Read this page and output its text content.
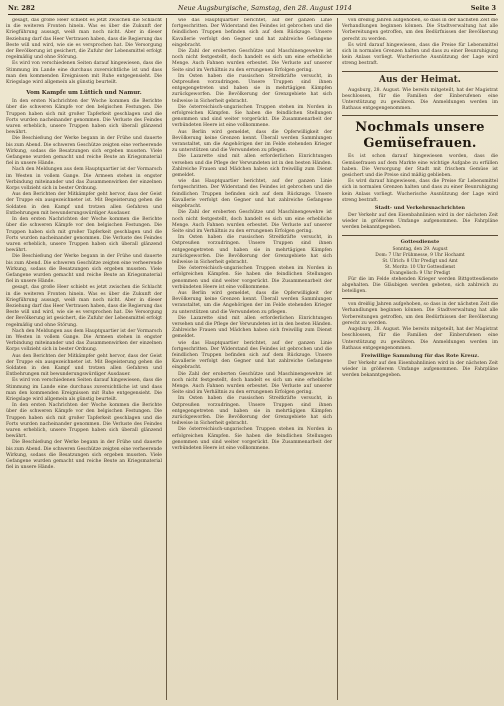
Nr. 282	Neue Augsburgische, Samstag, den 28. August 1914	Seite 3

gesagt, das große Heer schiebt es jetzt zwischen die Schlacht in die weiteren Fronten hinein. Was es über die Zukunft der Kriegführung aussagt, weiß man noch nicht. Aber in dieser Beziehung darf das Heer Vertrauen haben, dass die Regierung das Beste will und wird, wie sie es versprochen hat. Die Versorgung der Bevölkerung ist gesichert, die Zufuhr der Lebensmittel erfolgt regelmäßig und ohne Störung.

Es wird von verschiedenen Seiten darauf hingewiesen, dass die Stimmung im Lande eine durchaus zuversichtliche ist und dass man den kommenden Ereignissen mit Ruhe entgegensieht. Die Kriegslage wird allgemein als günstig beurteilt.

Vom Kampfe um Lüttich und Namur.

In den ersten Nachrichten der Woche kommen die Berichte über die schweren Kämpfe vor den belgischen Festungen. Die Truppen haben sich mit großer Tapferkeit geschlagen und die Forts wurden nacheinander genommen. Die Verluste des Feindes waren erheblich, unsere Truppen haben sich überall glänzend bewährt.

Die Beschießung der Werke begann in der Frühe und dauerte bis zum Abend. Die schweren Geschütze zeigten eine verheerende Wirkung, sodass die Besatzungen sich ergeben mussten. Viele Gefangene wurden gemacht und reiche Beute an Kriegsmaterial fiel in unsere Hände.

Nach den Meldungen aus dem Hauptquartier ist der Vormarsch im Westen in vollem Gange. Die Armeen stehen in engster Verbindung miteinander und das Zusammenwirken der einzelnen Korps vollzieht sich in bester Ordnung.

Aus den Berichten der Mitkämpfer geht hervor, dass der Geist der Truppe ein ausgezeichneter ist. Mit Begeisterung gehen die Soldaten in den Kampf und trotzen allen Gefahren und Entbehrungen mit bewunderungswürdiger Ausdauer.

In den ersten Nachrichten der Woche kommen die Berichte über die schweren Kämpfe vor den belgischen Festungen. Die Truppen haben sich mit großer Tapferkeit geschlagen und die Forts wurden nacheinander genommen. Die Verluste des Feindes waren erheblich, unsere Truppen haben sich überall glänzend bewährt.

Die Beschießung der Werke begann in der Frühe und dauerte bis zum Abend. Die schweren Geschütze zeigten eine verheerende Wirkung, sodass die Besatzungen sich ergeben mussten. Viele Gefangene wurden gemacht und reiche Beute an Kriegsmaterial fiel in unsere Hände.

gesagt, das große Heer schiebt es jetzt zwischen die Schlacht in die weiteren Fronten hinein. Was es über die Zukunft der Kriegführung aussagt, weiß man noch nicht. Aber in dieser Beziehung darf das Heer Vertrauen haben, dass die Regierung das Beste will und wird, wie sie es versprochen hat. Die Versorgung der Bevölkerung ist gesichert, die Zufuhr der Lebensmittel erfolgt regelmäßig und ohne Störung.

Nach den Meldungen aus dem Hauptquartier ist der Vormarsch im Westen in vollem Gange. Die Armeen stehen in engster Verbindung miteinander und das Zusammenwirken der einzelnen Korps vollzieht sich in bester Ordnung.

Aus den Berichten der Mitkämpfer geht hervor, dass der Geist der Truppe ein ausgezeichneter ist. Mit Begeisterung gehen die Soldaten in den Kampf und trotzen allen Gefahren und Entbehrungen mit bewunderungswürdiger Ausdauer.

Es wird von verschiedenen Seiten darauf hingewiesen, dass die Stimmung im Lande eine durchaus zuversichtliche ist und dass man den kommenden Ereignissen mit Ruhe entgegensieht. Die Kriegslage wird allgemein als günstig beurteilt.

In den ersten Nachrichten der Woche kommen die Berichte über die schweren Kämpfe vor den belgischen Festungen. Die Truppen haben sich mit großer Tapferkeit geschlagen und die Forts wurden nacheinander genommen. Die Verluste des Feindes waren erheblich, unsere Truppen haben sich überall glänzend bewährt.

Die Beschießung der Werke begann in der Frühe und dauerte bis zum Abend. Die schweren Geschütze zeigten eine verheerende Wirkung, sodass die Besatzungen sich ergeben mussten. Viele Gefangene wurden gemacht und reiche Beute an Kriegsmaterial fiel in unsere Hände.

wie das Hauptquartier berichtet, auf der ganzen Linie fortgeschritten. Der Widerstand des Feindes ist gebrochen und die feindlichen Truppen befinden sich auf dem Rückzuge. Unsere Kavallerie verfolgt den Gegner und hat zahlreiche Gefangene eingebracht.

Die Zahl der eroberten Geschütze und Maschinengewehre ist noch nicht festgestellt, doch handelt es sich um eine erhebliche Menge. Auch Fahnen wurden erbeutet. Die Verluste auf unserer Seite sind im Verhältnis zu den errungenen Erfolgen gering.

Im Osten haben die russischen Streitkräfte versucht, in Ostpreußen vorzudringen. Unsere Truppen sind ihnen entgegengetreten und haben sie in mehrtägigen Kämpfen zurückgeworfen. Die Bevölkerung der Grenzgebiete hat sich teilweise in Sicherheit gebracht.

Die österreichisch-ungarischen Truppen stehen im Norden in erfolgreichen Kämpfen. Sie haben die feindlichen Stellungen genommen und sind weiter vorgerückt. Die Zusammenarbeit der verbündeten Heere ist eine vollkommene.

Aus Berlin wird gemeldet, dass die Opferwilligkeit der Bevölkerung keine Grenzen kennt. Überall werden Sammlungen veranstaltet, um die Angehörigen der im Felde stehenden Krieger zu unterstützen und die Verwundeten zu pflegen.

Die Lazarette sind mit allen erforderlichen Einrichtungen versehen und die Pflege der Verwundeten ist in den besten Händen. Zahlreiche Frauen und Mädchen haben sich freiwillig zum Dienst gemeldet.

wie das Hauptquartier berichtet, auf der ganzen Linie fortgeschritten. Der Widerstand des Feindes ist gebrochen und die feindlichen Truppen befinden sich auf dem Rückzuge. Unsere Kavallerie verfolgt den Gegner und hat zahlreiche Gefangene eingebracht.

Die Zahl der eroberten Geschütze und Maschinengewehre ist noch nicht festgestellt, doch handelt es sich um eine erhebliche Menge. Auch Fahnen wurden erbeutet. Die Verluste auf unserer Seite sind im Verhältnis zu den errungenen Erfolgen gering.

Im Osten haben die russischen Streitkräfte versucht, in Ostpreußen vorzudringen. Unsere Truppen sind ihnen entgegengetreten und haben sie in mehrtägigen Kämpfen zurückgeworfen. Die Bevölkerung der Grenzgebiete hat sich teilweise in Sicherheit gebracht.

Die österreichisch-ungarischen Truppen stehen im Norden in erfolgreichen Kämpfen. Sie haben die feindlichen Stellungen genommen und sind weiter vorgerückt. Die Zusammenarbeit der verbündeten Heere ist eine vollkommene.

Aus Berlin wird gemeldet, dass die Opferwilligkeit der Bevölkerung keine Grenzen kennt. Überall werden Sammlungen veranstaltet, um die Angehörigen der im Felde stehenden Krieger zu unterstützen und die Verwundeten zu pflegen.

Die Lazarette sind mit allen erforderlichen Einrichtungen versehen und die Pflege der Verwundeten ist in den besten Händen. Zahlreiche Frauen und Mädchen haben sich freiwillig zum Dienst gemeldet.

wie das Hauptquartier berichtet, auf der ganzen Linie fortgeschritten. Der Widerstand des Feindes ist gebrochen und die feindlichen Truppen befinden sich auf dem Rückzuge. Unsere Kavallerie verfolgt den Gegner und hat zahlreiche Gefangene eingebracht.

Die Zahl der eroberten Geschütze und Maschinengewehre ist noch nicht festgestellt, doch handelt es sich um eine erhebliche Menge. Auch Fahnen wurden erbeutet. Die Verluste auf unserer Seite sind im Verhältnis zu den errungenen Erfolgen gering.

Im Osten haben die russischen Streitkräfte versucht, in Ostpreußen vorzudringen. Unsere Truppen sind ihnen entgegengetreten und haben sie in mehrtägigen Kämpfen zurückgeworfen. Die Bevölkerung der Grenzgebiete hat sich teilweise in Sicherheit gebracht.

Die österreichisch-ungarischen Truppen stehen im Norden in erfolgreichen Kämpfen. Sie haben die feindlichen Stellungen genommen und sind weiter vorgerückt. Die Zusammenarbeit der verbündeten Heere ist eine vollkommene.

von dreißig Jahren aufgehoben, so dass in der nächsten Zeit die Verhandlungen beginnen können. Die Stadtverwaltung hat alle Vorbereitungen getroffen, um den Bedürfnissen der Bevölkerung gerecht zu werden.

Es wird darauf hingewiesen, dass die Preise für Lebensmittel sich in normalen Grenzen halten und dass zu einer Beunruhigung kein Anlass vorliegt. Wucherische Ausnützung der Lage wird streng bestraft.

Aus der Heimat.

Augsburg, 28. August. Wie bereits mitgeteilt, hat der Magistrat beschlossen, für die Familien der Einberufenen eine Unterstützung zu gewähren. Die Anmeldungen werden im Rathaus entgegengenommen.

Nochmals unsere Gemüsefrauen.

Es ist schon darauf hingewiesen worden, dass die Gemüsefrauen auf dem Markte eine wichtige Aufgabe zu erfüllen haben. Die Versorgung der Stadt mit frischem Gemüse ist gesichert und die Preise sind mäßig geblieben.

Es wird darauf hingewiesen, dass die Preise für Lebensmittel sich in normalen Grenzen halten und dass zu einer Beunruhigung kein Anlass vorliegt. Wucherische Ausnützung der Lage wird streng bestraft.

Stadt- und Verkehrsnachrichten

Der Verkehr auf den Eisenbahnlinien wird in der nächsten Zeit wieder in größerem Umfange aufgenommen. Die Fahrpläne werden bekanntgegeben.

Gottesdienste
Sonntag, den 29. August
Dom: 7 Uhr Frühmesse, 9 Uhr Hochamt
St. Ulrich: 8 Uhr Predigt und Amt
St. Moritz: 10 Uhr Gottesdienst
Evangelisch: 9 Uhr Predigt

Für die im Felde stehenden Krieger werden Bittgottesdienste abgehalten. Die Gläubigen werden gebeten, sich zahlreich zu beteiligen.

von dreißig Jahren aufgehoben, so dass in der nächsten Zeit die Verhandlungen beginnen können. Die Stadtverwaltung hat alle Vorbereitungen getroffen, um den Bedürfnissen der Bevölkerung gerecht zu werden.

Augsburg, 28. August. Wie bereits mitgeteilt, hat der Magistrat beschlossen, für die Familien der Einberufenen eine Unterstützung zu gewähren. Die Anmeldungen werden im Rathaus entgegengenommen.

Freiwillige Sammlung für das Rote Kreuz.

Der Verkehr auf den Eisenbahnlinien wird in der nächsten Zeit wieder in größerem Umfange aufgenommen. Die Fahrpläne werden bekanntgegeben.
